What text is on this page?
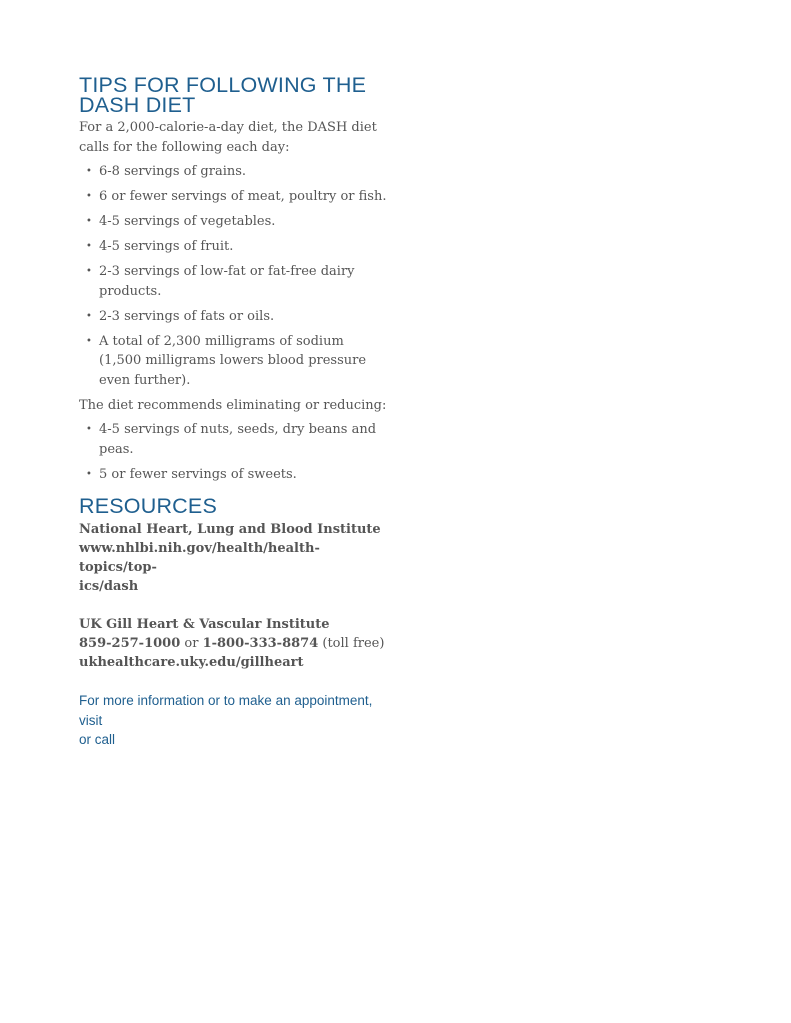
TIPS FOR FOLLOWING THE
DASH DIET

For a 2,000-calorie-a-day diet, the DASH diet calls for the following each day:

• 6-8 servings of grains.
• 6 or fewer servings of meat, poultry or fish.
• 4-5 servings of vegetables.
• 4-5 servings of fruit.
• 2-3 servings of low-fat or fat-free dairy products.
• 2-3 servings of fats or oils.
• A total of 2,300 milligrams of sodium (1,500 milligrams lowers blood pressure even further).

The diet recommends eliminating or reducing:

• 4-5 servings of nuts, seeds, dry beans and peas.
• 5 or fewer servings of sweets.
RESOURCES
National Heart, Lung and Blood Institute
www.nhlbi.nih.gov/health/health-topics/top-
ics/dash
UK Gill Heart & Vascular Institute
859-257-1000 or 1-800-333-8874 (toll free)
ukhealthcare.uky.edu/gillheart
For more information or to make an appointment,
visit
or call
